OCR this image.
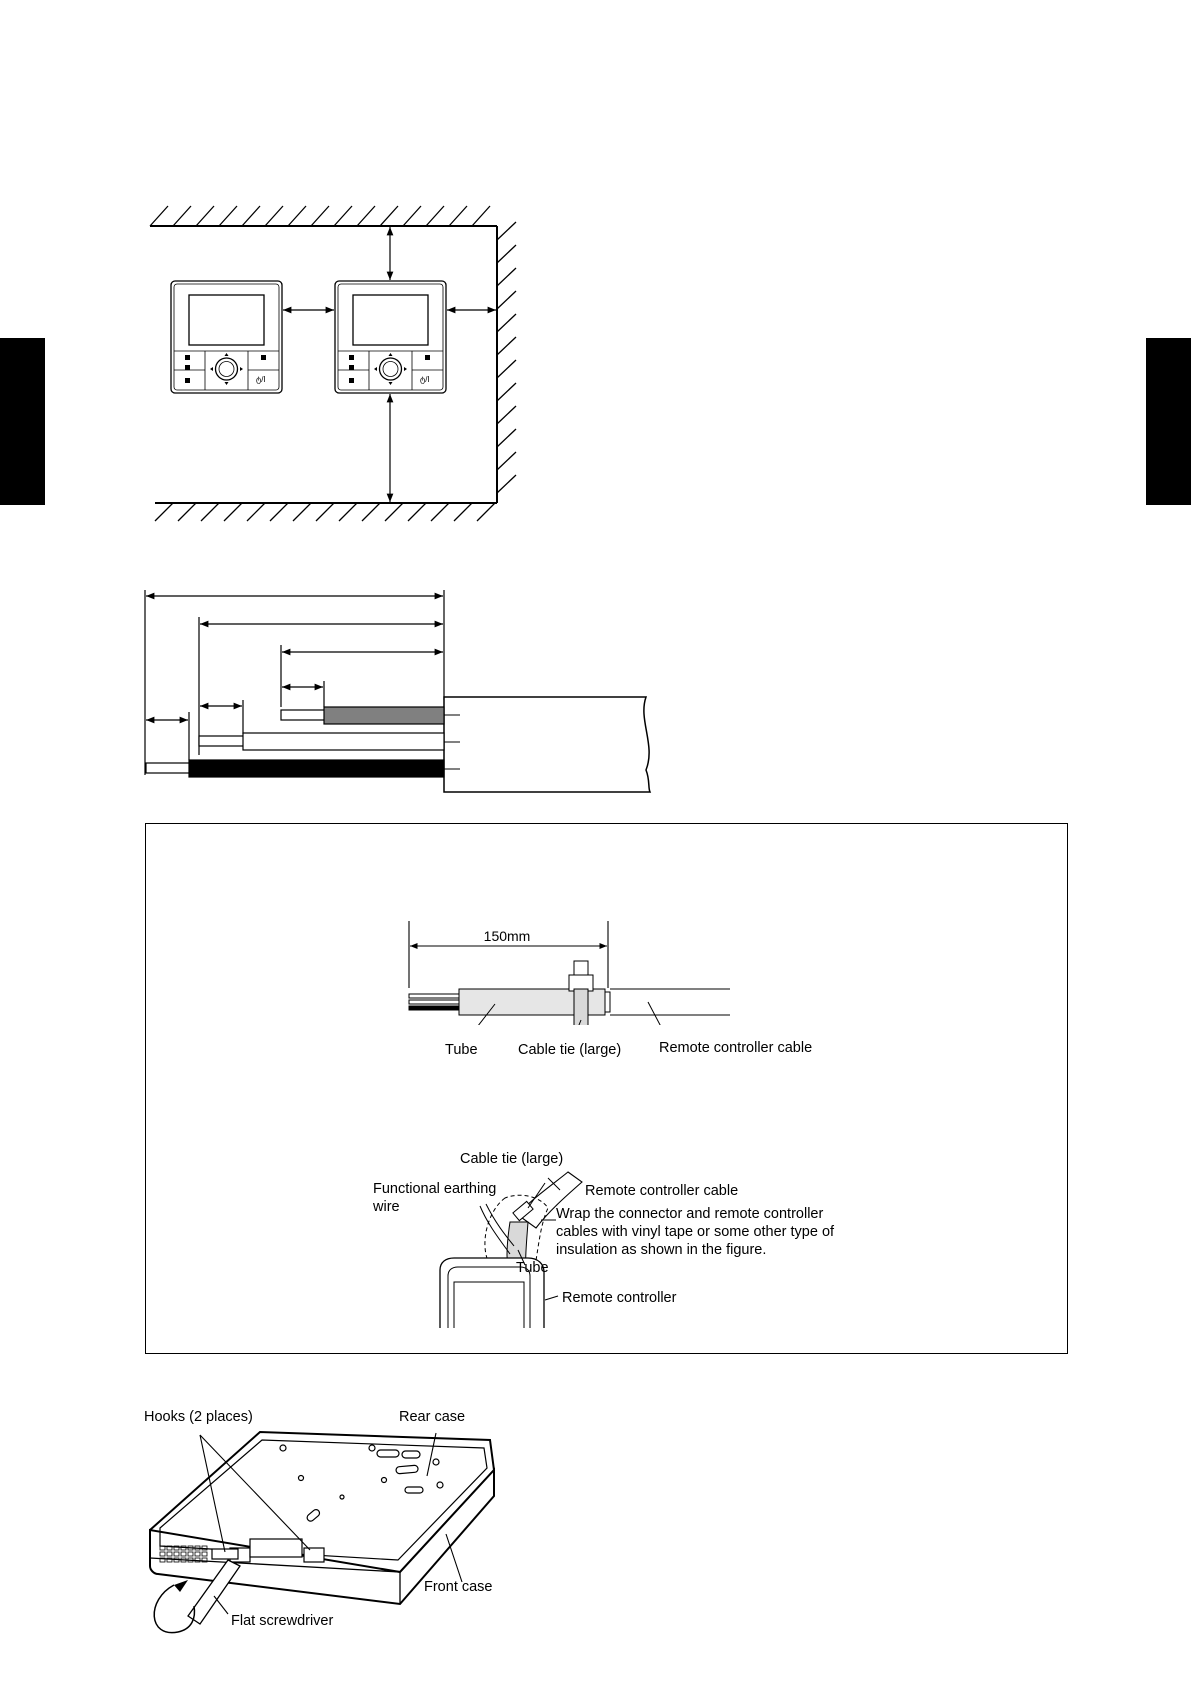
ტ/I	ტ/I
150mm
Tube	Cable tie (large)	Remote controller cable
Cable tie (large)
Functional earthing wire
Remote controller cable
Wrap the connector and remote controller cables with vinyl tape or some other type of insulation as shown in the figure.
Tube
Remote controller
Hooks (2 places)	Rear case
Front case
Flat screwdriver
